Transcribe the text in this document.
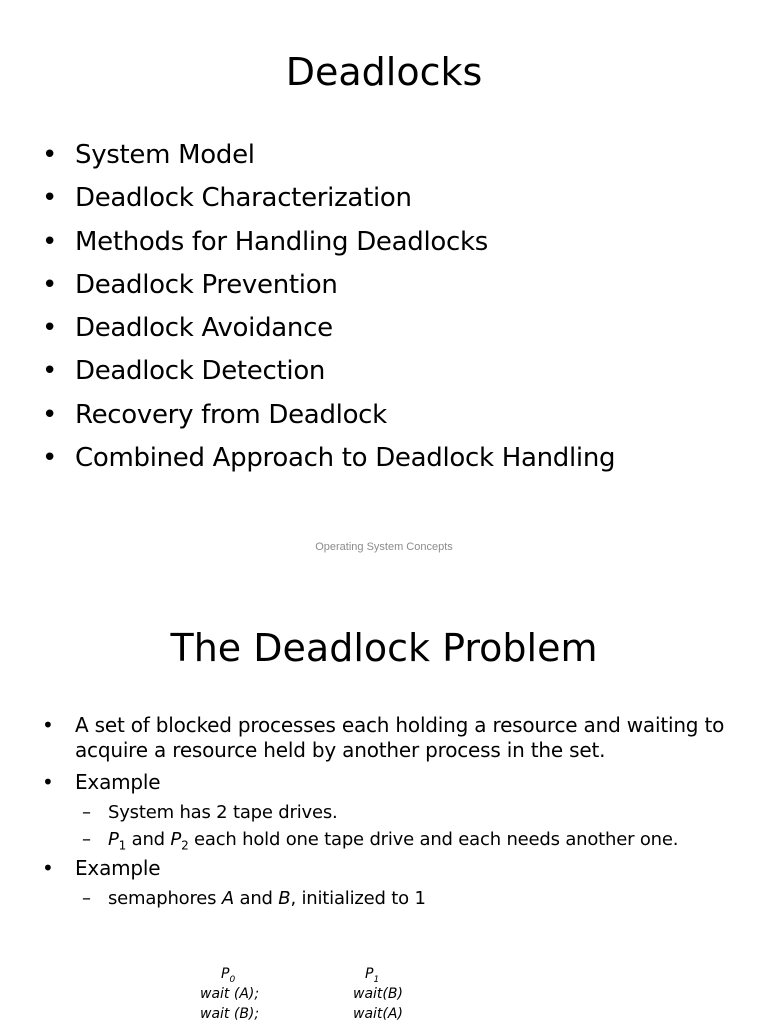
Deadlocks
• System Model
• Deadlock Characterization
• Methods for Handling Deadlocks
• Deadlock Prevention
• Deadlock Avoidance
• Deadlock Detection
• Recovery from Deadlock
• Combined Approach to Deadlock Handling
Operating System Concepts
The Deadlock Problem
• A set of blocked processes each holding a resource and waiting to acquire a resource held by another process in the set.
• Example
– System has 2 tape drives.
– $P_1$ and $P_2$ each hold one tape drive and each needs another one.
• Example
– semaphores A and B, initialized to 1
$P_0$
wait (A);
wait (B);
$P_1$
wait(B)
wait(A)
